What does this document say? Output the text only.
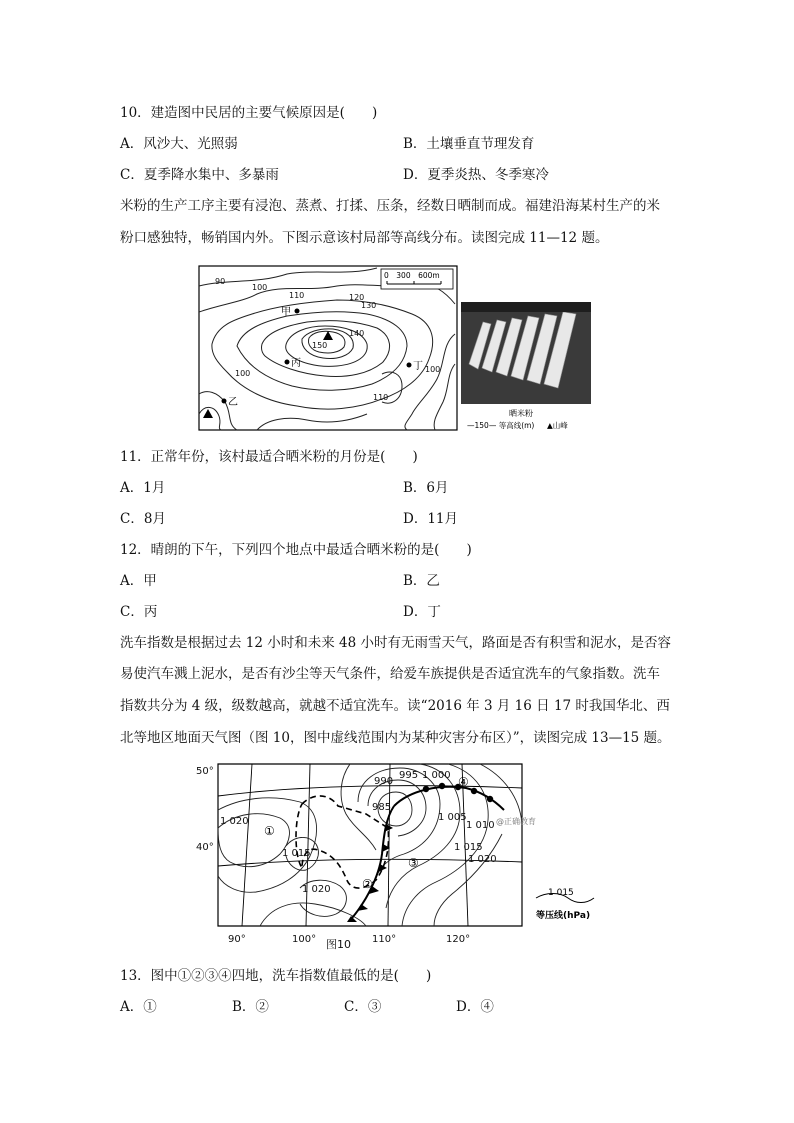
10．建造图中民居的主要气候原因是(　　)
A．风沙大、光照弱	B．土壤垂直节理发育
C．夏季降水集中、多暴雨	D．夏季炎热、冬季寒冷
米粉的生产工序主要有浸泡、蒸煮、打揉、压条，经数日晒制而成。福建沿海某村生产的米
粉口感独特，畅销国内外。下图示意该村局部等高线分布。读图完成 11—12 题。
90
100
110	120
130
140
150
100
110
100
甲
丙	丁
乙
0　300　600m
晒米粉
—150— 等高线(m) ▲山峰
11．正常年份，该村最适合晒米粉的月份是(　　)
A．1月	B．6月
C．8月	D．11月
12．晴朗的下午，下列四个地点中最适合晒米粉的是(　　)
A．甲	B．乙
C．丙	D．丁
洗车指数是根据过去 12 小时和未来 48 小时有无雨雪天气，路面是否有积雪和泥水，是否容
易使汽车溅上泥水，是否有沙尘等天气条件，给爱车族提供是否适宜洗车的气象指数。洗车
指数共分为 4 级，级数越高，就越不适宜洗车。读“2016 年 3 月 16 日 17 时我国华北、西
北等地区地面天气图（图 10，图中虚线范围内为某种灾害分布区）”，读图完成 13—15 题。
1 020
1 015
1 020
990
995 1 000
985
1 005
1 010
1 015
1 020
①
②
③
④
@正确教育
50°
40°
90°	100°	110°	120°
图10
1 015
等压线(hPa)
13．图中①②③④四地，洗车指数值最低的是(　　)
A．①	B．②	C．③	D．④
